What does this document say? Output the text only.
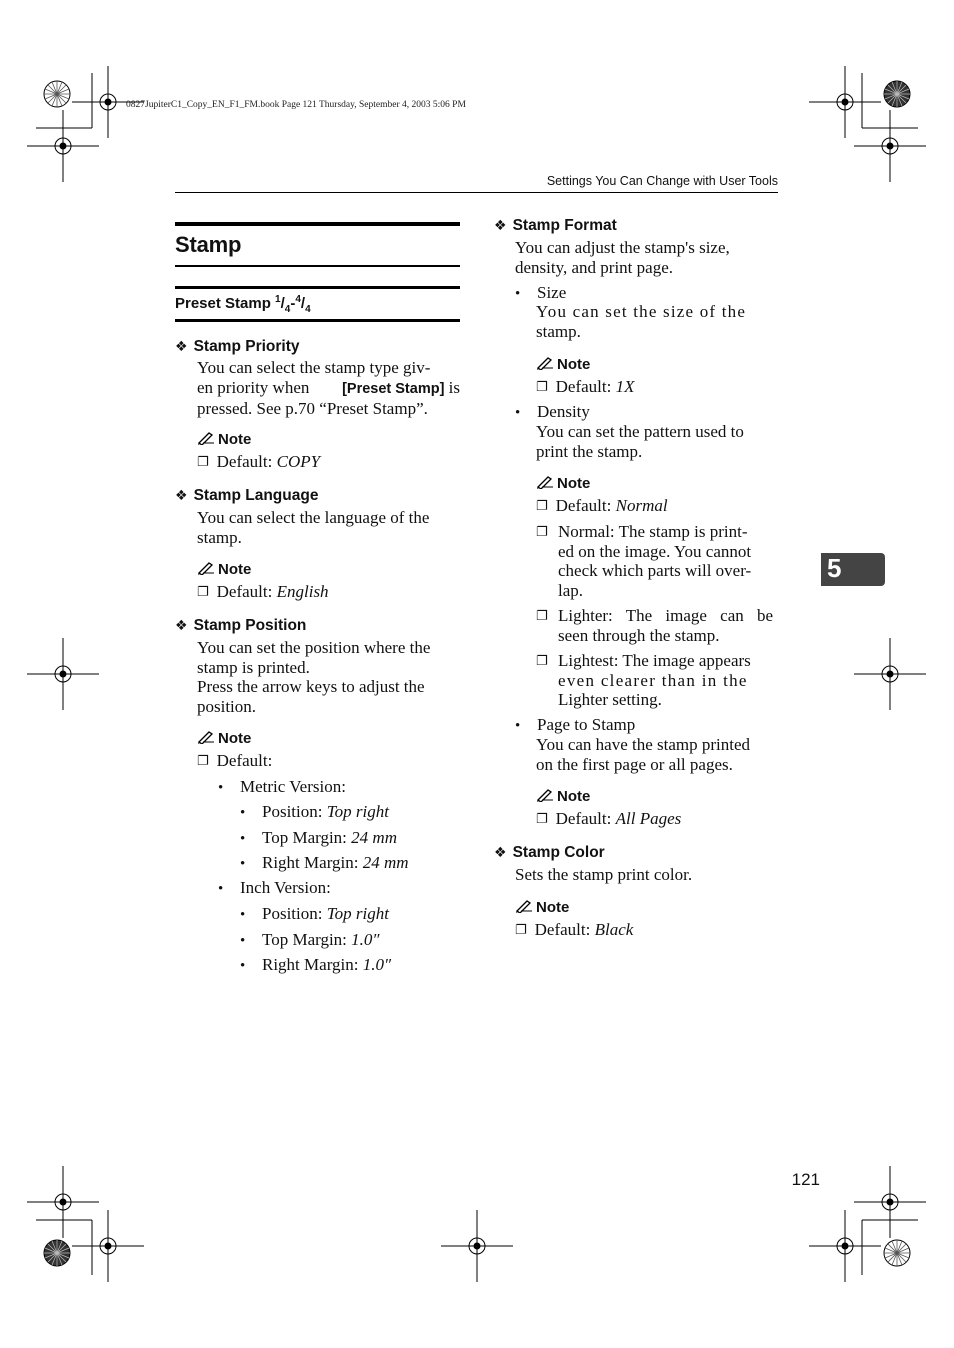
0827JupiterC1_Copy_EN_F1_FM.book Page 121 Thursday, September 4, 2003 5:06 PM
Settings You Can Change with User Tools
Stamp
Preset Stamp $^1/_4-^4/_4$
❖ Stamp Priority
You can select the stamp type giv-
en priority when [Preset Stamp] is
pressed. See p.70 “Preset Stamp”.
Note
❐ Default: COPY
❖ Stamp Language
You can select the language of the
stamp.
Note
❐ Default: English
❖ Stamp Position
You can set the position where the
stamp is printed.
Press the arrow keys to adjust the
position.
Note
❐ Default:
• Metric Version:
• Position: Top right
• Top Margin: 24 mm
• Right Margin: 24 mm
• Inch Version:
• Position: Top right
• Top Margin: 1.0″
• Right Margin: 1.0″
❖ Stamp Format
You can adjust the stamp's size,
density, and print page.
• Size
You can set the size of the
stamp.
Note
❐ Default: 1X
• Density
You can set the pattern used to
print the stamp.
Note
❐ Default: Normal
❐ Normal: The stamp is print-
ed on the image. You cannot
check which parts will over-
lap.
❐ Lighter: The image can be
seen through the stamp.
❐ Lightest: The image appears
even clearer than in the
Lighter setting.
• Page to Stamp
You can have the stamp printed
on the first page or all pages.
Note
❐ Default: All Pages
❖ Stamp Color
Sets the stamp print color.
Note
❐ Default: Black
5
121
